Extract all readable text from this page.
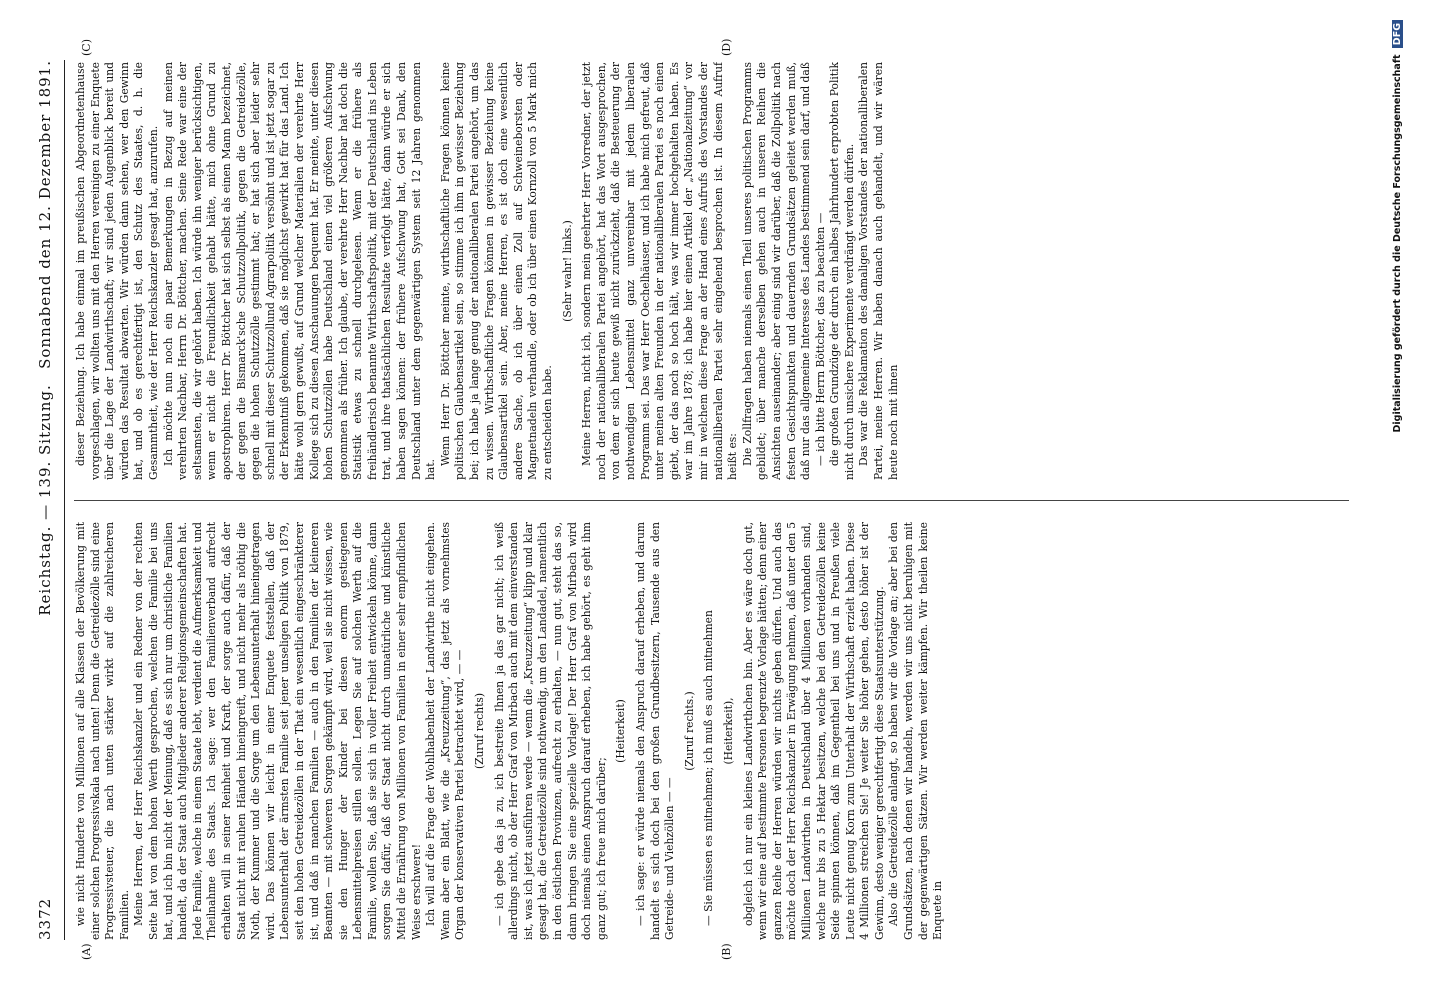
3372
Reichstag. — 139. Sitzung.
Sonnabend den 12. Dezember 1891.
(A)	(B)
(C)	(D)

wie nicht Hunderte von Millionen auf alle Klassen der Bevölkerung mit einer solchen Progressivskala nach unten! Denn die Getreidezölle sind eine Progressivsteuer, die nach unten stärker wirkt auf die zahlreicheren Familien. Meine Herren, der Herr Reichskanzler und ein Redner von der rechten Seite hat von dem hohen Werth gesprochen, welchen die Familie bei uns hat, und ich bin nicht der Meinung, daß es sich nur um christliche Familien handelt, da der Staat auch Mitglieder anderer Religionsgemeinschaften hat. Jede Familie, welche in einem Staate lebt, verdient die Aufmerksamkeit und Theilnahme des Staats. Ich sage: wer den Familienverband aufrecht erhalten will in seiner Reinheit und Kraft, der sorge auch dafür, daß der Staat nicht mit rauhen Händen hineingreift, und nicht mehr als nöthig die Noth, der Kummer und die Sorge um den Lebensunterhalt hineingetragen wird. Das können wir leicht in einer Enquete feststellen, daß der Lebensunterhalt der ärmsten Familie seit jener unseligen Politik von 1879, seit den hohen Getreidezöllen in der That ein wesentlich eingeschränkterer ist, und daß in manchen Familien — auch in den Familien der kleineren Beamten — mit schweren Sorgen gekämpft wird, weil sie nicht wissen, wie sie den Hunger der Kinder bei diesen enorm gestiegenen Lebensmittelpreisen stillen sollen. Legen Sie auf solchen Werth auf die Familie, wollen Sie, daß sie sich in voller Freiheit entwickeln könne, dann sorgen Sie dafür, daß der Staat nicht durch unnatürliche und künstliche Mittel die Ernährung von Millionen von Familien in einer sehr empfindlichen Weise erschwere! Ich will auf die Frage der Wohlhabenheit der Landwirthe nicht eingehen. Wenn aber ein Blatt, wie die „Kreuzzeitung“, das jetzt als vornehmstes Organ der konservativen Partei betrachtet wird, — — (Zuruf rechts) — ich gebe das ja zu, ich bestreite Ihnen ja das gar nicht; ich weiß allerdings nicht, ob der Herr Graf von Mirbach auch mit dem einverstanden ist, was ich jetzt ausführen werde — wenn die „Kreuzzeitung“ klipp und klar gesagt hat, die Getreidezölle sind nothwendig, um den Landadel, namentlich in den östlichen Provinzen, aufrecht zu erhalten, — nun gut, steht das so, dann bringen Sie eine spezielle Vorlage! Der Herr Graf von Mirbach wird doch niemals einen Anspruch darauf erheben, ich habe gehört, es geht ihm ganz gut; ich freue mich darüber;

(Heiterkeit) — ich sage: er würde niemals den Anspruch darauf erheben, und darum handelt es sich doch bei den großen Grundbesitzern, Tausende aus den Getreide- und Viehzöllen — —

(Zuruf rechts.) — Sie müssen es mitnehmen; ich muß es auch mitnehmen (Heiterkeit), obgleich ich nur ein kleines Landwirthchen bin. Aber es wäre doch gut, wenn wir eine auf bestimmte Personen begrenzte Vorlage hätten; denn einer ganzen Reihe der Herren würden wir nichts geben dürfen. Und auch das möchte doch der Herr Reichskanzler in Erwägung nehmen, daß unter den 5 Millionen Landwirthen in Deutschland über 4 Millionen vorhanden sind, welche nur bis zu 5 Hektar besitzen, welche bei den Getreidezöllen keine Seide spinnen können, daß im Gegentheil bei uns und in Preußen viele Leute nicht genug Korn zum Unterhalt der Wirthschaft erzielt haben. Diese 4 Millionen streichen Sie! Je weiter Sie höher gehen, desto höher ist der Gewinn, desto weniger gerechtfertigt diese Staatsunterstützung. Also die Getreidezölle anlangt, so haben wir die Vorlage an; aber bei den Grundsätzen, nach denen wir handeln, werden wir uns nicht beruhigen mit der gegenwärtigen Sätzen. Wir werden weiter kämpfen. Wir theilen keine Enquete in

dieser Beziehung. Ich habe einmal im preußischen Abgeordnetenhause vorgeschlagen, wir wollten uns mit den Herren vereinigen zu einer Enquete über die Lage der Landwirthschaft; wir sind jeden Augenblick bereit und würden das Resultat abwarten. Wir würden dann sehen, wer den Gewinn hat, und ob es gerechtfertigt ist, den Schutz des Staates, d. h. die Gesammtheit, wie der Herr Reichskanzler gesagt hat, anzurufen. Ich möchte nun noch ein paar Bemerkungen in Bezug auf meinen verehrten Nachbar, Herrn Dr. Böttcher, machen. Seine Rede war eine der seltsamsten, die wir gehört haben. Ich würde ihn weniger berücksichtigen, wenn er nicht die Freundlichkeit gehabt hätte, mich ohne Grund zu apostrophiren. Herr Dr. Böttcher hat sich selbst als einen Mann bezeichnet, der gegen die Bismarck'sche Schutzzollpolitik, gegen die Getreidezölle, gegen die hohen Schutzzölle gestimmt hat; er hat sich aber leider sehr schnell mit dieser Schutzzollund Agrarpolitik versöhnt und ist jetzt sogar zu der Erkenntniß gekommen, daß sie möglichst gewirkt hat für das Land. Ich hätte wohl gern gewußt, auf Grund welcher Materialien der verehrte Herr Kollege sich zu diesen Anschauungen bequemt hat. Er meinte, unter diesen hohen Schutzzöllen habe Deutschland einen viel größeren Aufschwung genommen als früher. Ich glaube, der verehrte Herr Nachbar hat doch die Statistik etwas zu schnell durchgelesen. Wenn er die frühere als freihändlerisch benannte Wirthschaftspolitik, mit der Deutschland ins Leben trat, und ihre thatsächlichen Resultate verfolgt hätte, dann würde er sich haben sagen können: der frühere Aufschwung hat, Gott sei Dank, den Deutschland unter dem gegenwärtigen System seit 12 Jahren genommen hat.

Wenn Herr Dr. Böttcher meinte, wirthschaftliche Fragen können keine politischen Glaubensartikel sein, so stimme ich ihm in gewisser Beziehung bei; ich habe ja lange genug der nationalliberalen Partei angehört, um das zu wissen. Wirthschaftliche Fragen können in gewisser Beziehung keine Glaubensartikel sein. Aber, meine Herren, es ist doch eine wesentlich andere Sache, ob ich über einen Zoll auf Schweineborsten oder Magnetnadeln verhandle, oder ob ich über einen Kornzoll von 5 Mark mich zu entscheiden habe.

(Sehr wahr! links.) Meine Herren, nicht ich, sondern mein geehrter Herr Vorredner, der jetzt noch der nationalliberalen Partei angehört, hat das Wort ausgesprochen, von dem er sich heute gewiß nicht zurückzieht, daß die Besteuerung der nothwendigen Lebensmittel ganz unvereinbar mit jedem liberalen Programm sei. Das war Herr Oechelhäuser, und ich habe mich gefreut, daß unter meinen alten Freunden in der nationalliberalen Partei es noch einen giebt, der das noch so hoch hält, was wir immer hochgehalten haben. Es war im Jahre 1878; ich habe hier einen Artikel der „Nationalzeitung“ vor mir in welchem diese Frage an der Hand eines Aufrufs des Vorstandes der nationalliberalen Partei sehr eingehend besprochen ist. In diesem Aufruf heißt es: Die Zollfragen haben niemals einen Theil unseres politischen Programms gebildet; über manche derselben gehen auch in unseren Reihen die Ansichten auseinander; aber einig sind wir darüber, daß die Zollpolitik nach festen Gesichtspunkten und dauernden Grundsätzen geleitet werden muß, daß nur das allgemeine Interesse des Landes bestimmend sein darf, und daß — ich bitte Herrn Böttcher, das zu beachten — die großen Grundzüge der durch ein halbes Jahrhundert erprobten Politik nicht durch unsichere Experimente verdrängt werden dürfen. Das war die Reklamation des damaligen Vorstandes der nationalliberalen Partei, meine Herren. Wir haben danach auch gehandelt, und wir wären heute noch mit ihnen	Digitalisierung gefördert durch die Deutsche Forschungsgemeinschaft DFG
